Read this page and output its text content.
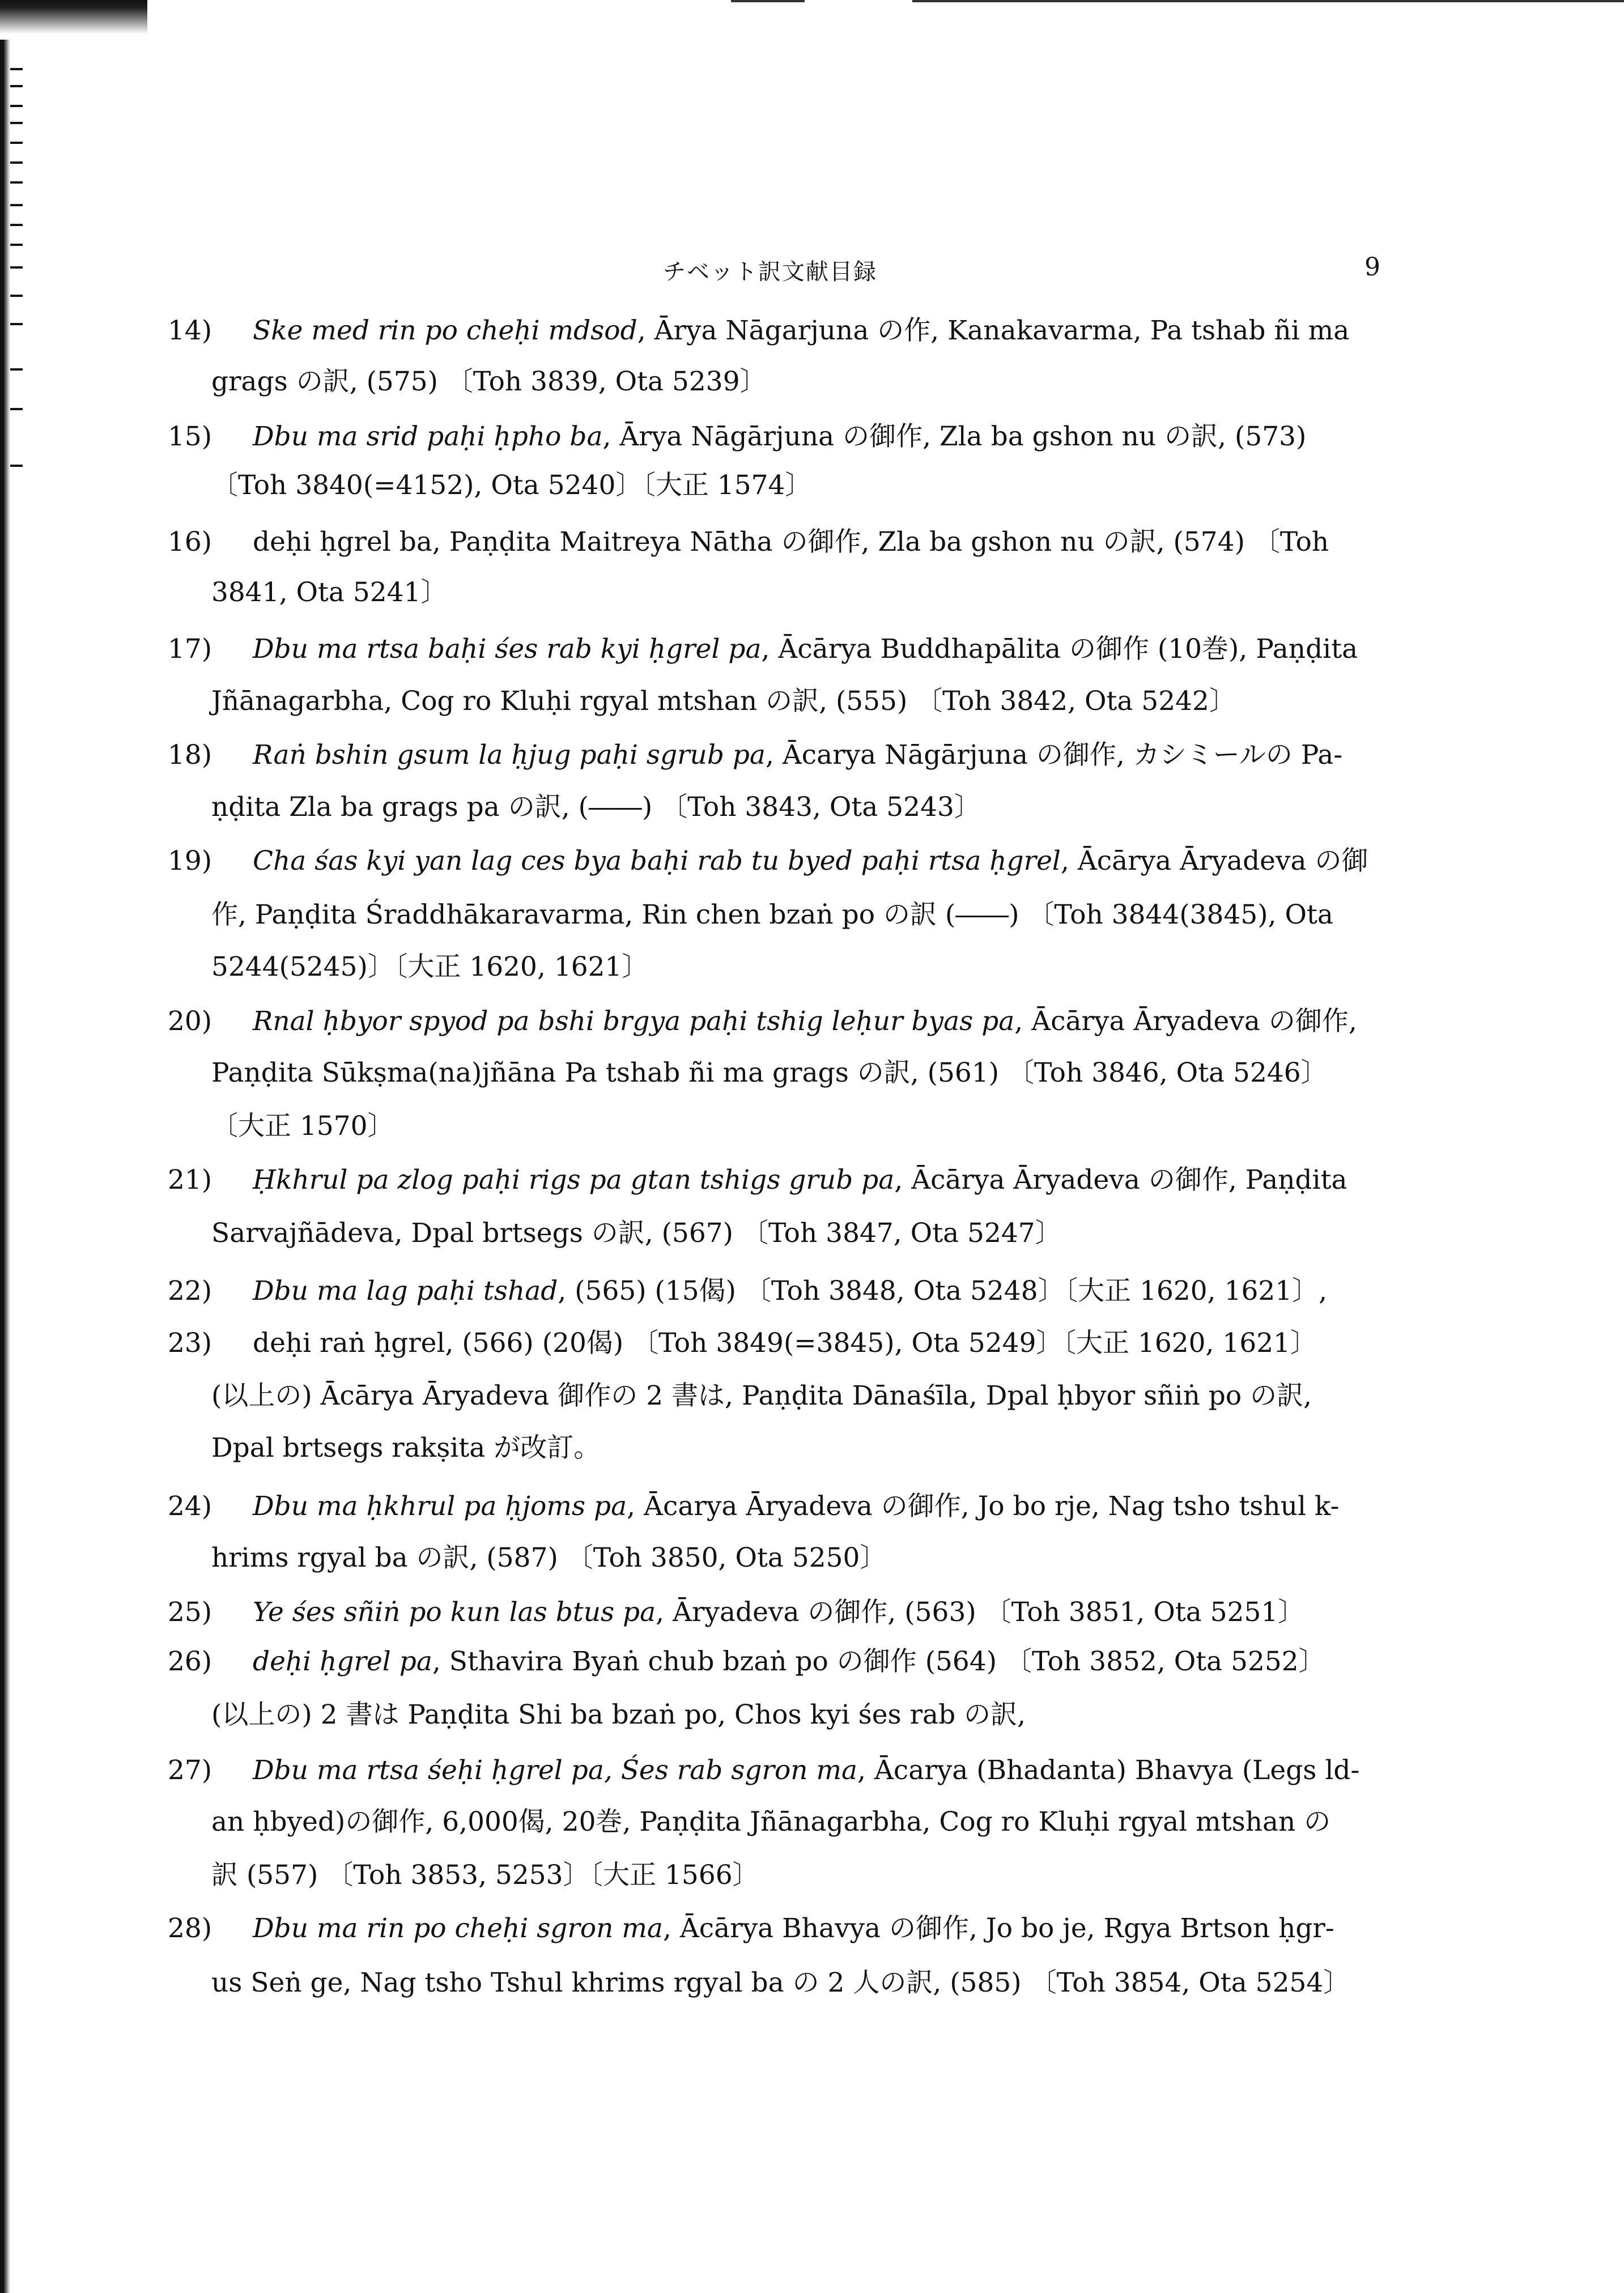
チベット訳文献目録	9
14) Ske med rin po cheḥi mdsod, Ārya Nāgarjuna の作, Kanakavarma, Pa tshab ñi ma
grags の訳, (575) 〔Toh 3839, Ota 5239〕
15) Dbu ma srid paḥi ḥpho ba, Ārya Nāgārjuna の御作, Zla ba gshon nu の訳, (573)
〔Toh 3840(=4152), Ota 5240〕〔大正 1574〕
16) deḥi ḥgrel ba, Paṇḍita Maitreya Nātha の御作, Zla ba gshon nu の訳, (574) 〔Toh
3841, Ota 5241〕
17) Dbu ma rtsa baḥi śes rab kyi ḥgrel pa, Ācārya Buddhapālita の御作 (10巻), Paṇḍita
Jñānagarbha, Cog ro Kluḥi rgyal mtshan の訳, (555) 〔Toh 3842, Ota 5242〕
18) Raṅ bshin gsum la ḥjug paḥi sgrub pa, Ācarya Nāgārjuna の御作, カシミールの Pa-
ṇḍita Zla ba grags pa の訳, (――) 〔Toh 3843, Ota 5243〕
19) Cha śas kyi yan lag ces bya baḥi rab tu byed paḥi rtsa ḥgrel, Ācārya Āryadeva の御
作, Paṇḍita Śraddhākaravarma, Rin chen bzaṅ po の訳 (――) 〔Toh 3844(3845), Ota
5244(5245)〕〔大正 1620, 1621〕
20) Rnal ḥbyor spyod pa bshi brgya paḥi tshig leḥur byas pa, Ācārya Āryadeva の御作,
Paṇḍita Sūkṣma(na)jñāna Pa tshab ñi ma grags の訳, (561) 〔Toh 3846, Ota 5246〕
〔大正 1570〕
21) Ḥkhrul pa zlog paḥi rigs pa gtan tshigs grub pa, Ācārya Āryadeva の御作, Paṇḍita
Sarvajñādeva, Dpal brtsegs の訳, (567) 〔Toh 3847, Ota 5247〕
22) Dbu ma lag paḥi tshad, (565) (15偈) 〔Toh 3848, Ota 5248〕〔大正 1620, 1621〕,
23) deḥi raṅ ḥgrel, (566) (20偈) 〔Toh 3849(=3845), Ota 5249〕〔大正 1620, 1621〕
(以上の) Ācārya Āryadeva 御作の 2 書は, Paṇḍita Dānaśīla, Dpal ḥbyor sñiṅ po の訳,
Dpal brtsegs rakṣita が改訂。
24) Dbu ma ḥkhrul pa ḥjoms pa, Ācarya Āryadeva の御作, Jo bo rje, Nag tsho tshul k-
hrims rgyal ba の訳, (587) 〔Toh 3850, Ota 5250〕
25) Ye śes sñiṅ po kun las btus pa, Āryadeva の御作, (563) 〔Toh 3851, Ota 5251〕
26) deḥi ḥgrel pa, Sthavira Byaṅ chub bzaṅ po の御作 (564) 〔Toh 3852, Ota 5252〕
(以上の) 2 書は Paṇḍita Shi ba bzaṅ po, Chos kyi śes rab の訳,
27) Dbu ma rtsa śeḥi ḥgrel pa, Śes rab sgron ma, Ācarya (Bhadanta) Bhavya (Legs ld-
an ḥbyed)の御作, 6,000偈, 20巻, Paṇḍita Jñānagarbha, Cog ro Kluḥi rgyal mtshan の
訳 (557) 〔Toh 3853, 5253〕〔大正 1566〕
28) Dbu ma rin po cheḥi sgron ma, Ācārya Bhavya の御作, Jo bo je, Rgya Brtson ḥgr-
us Seṅ ge, Nag tsho Tshul khrims rgyal ba の 2 人の訳, (585) 〔Toh 3854, Ota 5254〕
